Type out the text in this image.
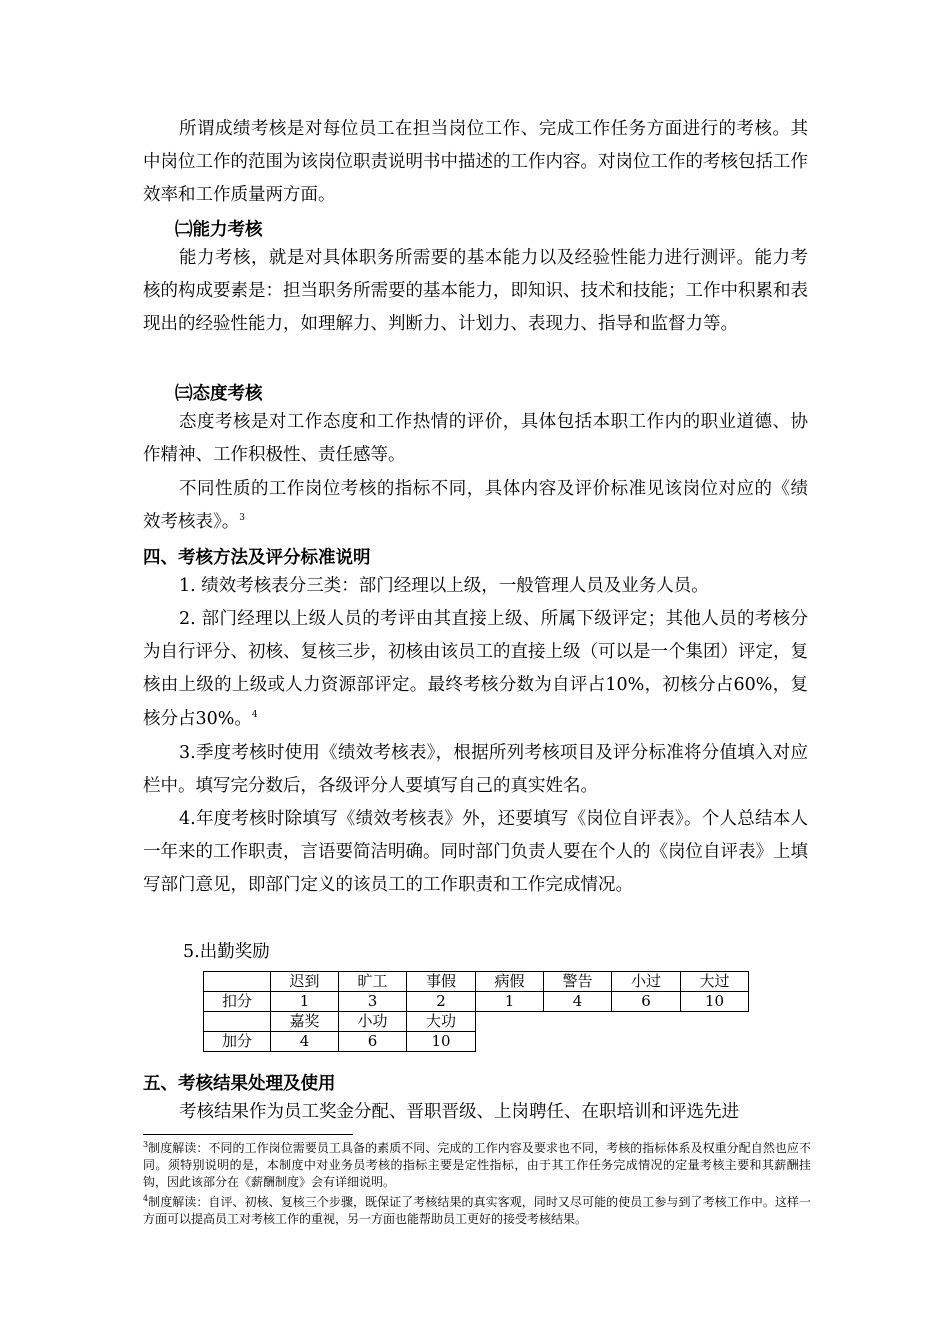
所谓成绩考核是对每位员工在担当岗位工作、完成工作任务方面进行的考核。其中岗位工作的范围为该岗位职责说明书中描述的工作内容。对岗位工作的考核包括工作效率和工作质量两方面。

㈡能力考核

能力考核，就是对具体职务所需要的基本能力以及经验性能力进行测评。能力考核的构成要素是：担当职务所需要的基本能力，即知识、技术和技能；工作中积累和表现出的经验性能力，如理解力、判断力、计划力、表现力、指导和监督力等。

㈢态度考核

态度考核是对工作态度和工作热情的评价，具体包括本职工作内的职业道德、协作精神、工作积极性、责任感等。

不同性质的工作岗位考核的指标不同，具体内容及评价标准见该岗位对应的《绩效考核表》。$^3$

四、考核方法及评分标准说明

1. 绩效考核表分三类：部门经理以上级，一般管理人员及业务人员。

2. 部门经理以上级人员的考评由其直接上级、所属下级评定；其他人员的考核分为自行评分、初核、复核三步，初核由该员工的直接上级（可以是一个集团）评定，复核由上级的上级或人力资源部评定。最终考核分数为自评占10%，初核分占60%，复核分占30%。$^4$

3.季度考核时使用《绩效考核表》，根据所列考核项目及评分标准将分值填入对应栏中。填写完分数后，各级评分人要填写自己的真实姓名。

4.年度考核时除填写《绩效考核表》外，还要填写《岗位自评表》。个人总结本人一年来的工作职责，言语要简洁明确。同时部门负责人要在个人的《岗位自评表》上填写部门意见，即部门定义的该员工的工作职责和工作完成情况。

5.出勤奖励

	迟到	旷工	事假	病假	警告	小过	大过
扣分	1	3	2	1	4	6	10
	嘉奖	小功	大功				
加分	4	6	10				

五、考核结果处理及使用

考核结果作为员工奖金分配、晋职晋级、上岗聘任、在职培训和评选先进

$^3$制度解读：不同的工作岗位需要员工具备的素质不同、完成的工作内容及要求也不同，考核的指标体系及权重分配自然也应不同。须特别说明的是，本制度中对业务员考核的指标主要是定性指标，由于其工作任务完成情况的定量考核主要和其薪酬挂钩，因此该部分在《薪酬制度》会有详细说明。

$^4$制度解读：自评、初核、复核三个步骤，既保证了考核结果的真实客观，同时又尽可能的使员工参与到了考核工作中。这样一方面可以提高员工对考核工作的重视，另一方面也能帮助员工更好的接受考核结果。
